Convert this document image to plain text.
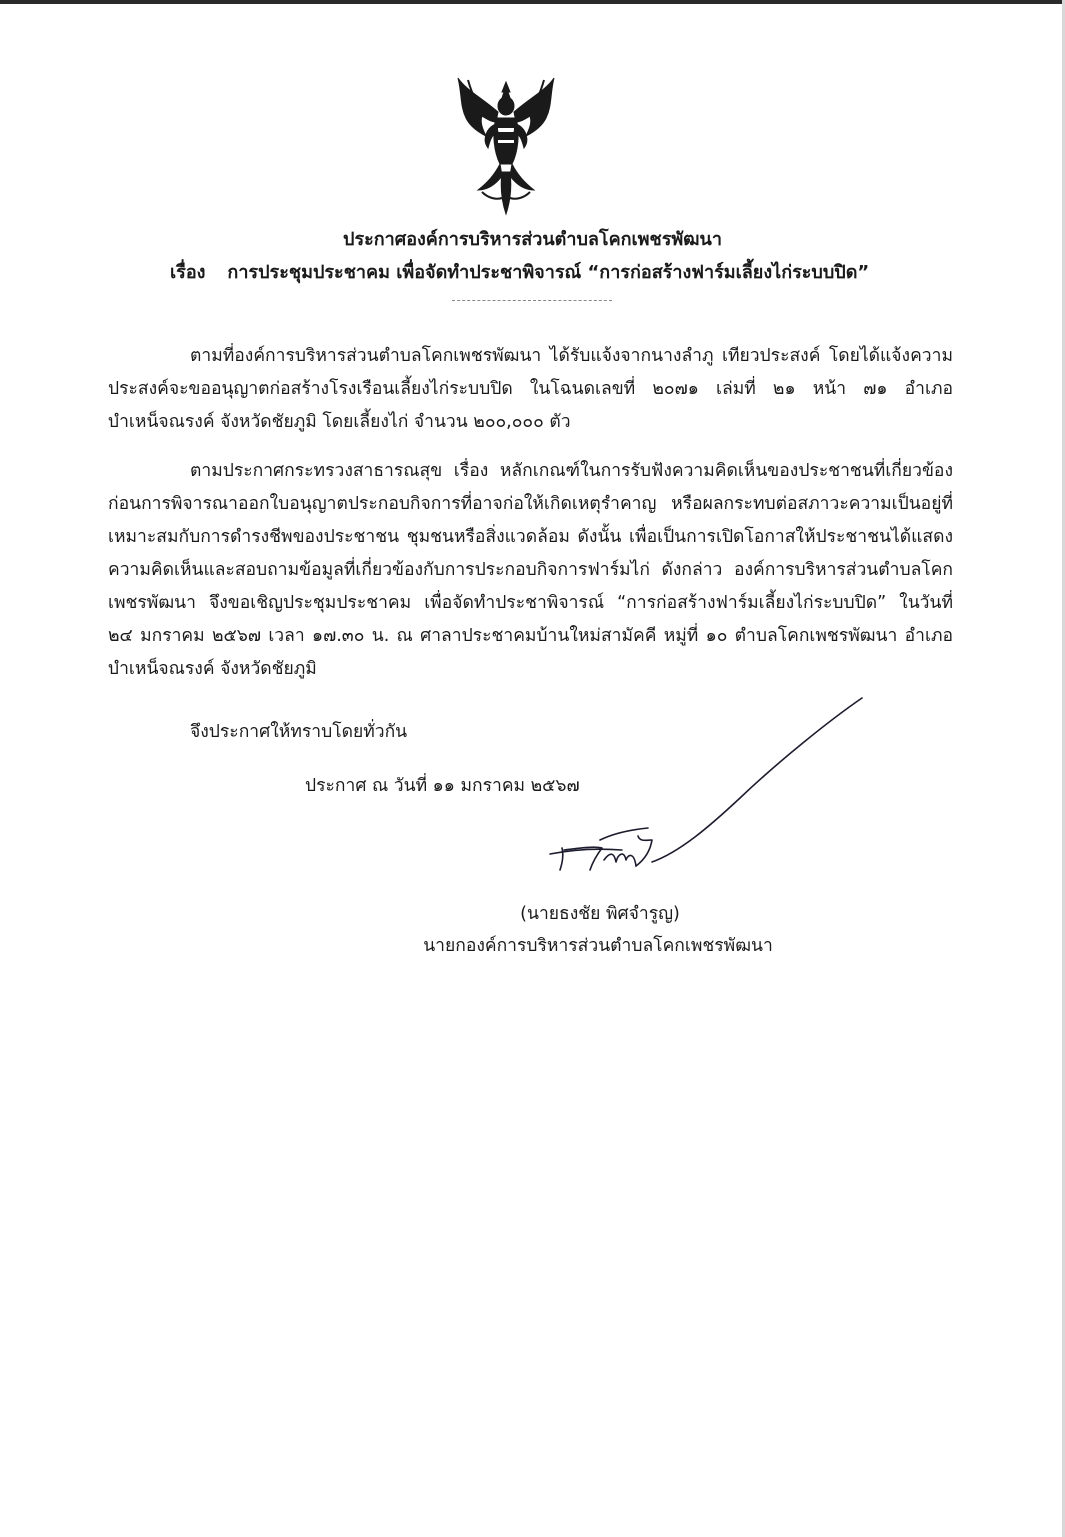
ประกาศองค์การบริหารส่วนตำบลโคกเพชรพัฒนา
เรื่อง การประชุมประชาคม เพื่อจัดทำประชาพิจารณ์ “การก่อสร้างฟาร์มเลี้ยงไก่ระบบปิด”

ตามที่องค์การบริหารส่วนตำบลโคกเพชรพัฒนา ได้รับแจ้งจากนางลำภู เทียวประสงค์ โดยได้แจ้งความประสงค์จะขออนุญาตก่อสร้างโรงเรือนเลี้ยงไก่ระบบปิด ในโฉนดเลขที่ ๒๐๗๑ เล่มที่ ๒๑ หน้า ๗๑ อำเภอบำเหน็จณรงค์ จังหวัดชัยภูมิ โดยเลี้ยงไก่ จำนวน ๒๐๐,๐๐๐ ตัว

ตามประกาศกระทรวงสาธารณสุข เรื่อง หลักเกณฑ์ในการรับฟังความคิดเห็นของประชาชนที่เกี่ยวข้องก่อนการพิจารณาออกใบอนุญาตประกอบกิจการที่อาจก่อให้เกิดเหตุรำคาญ หรือผลกระทบต่อสภาวะความเป็นอยู่ที่เหมาะสมกับการดำรงชีพของประชาชน ชุมชนหรือสิ่งแวดล้อม ดังนั้น เพื่อเป็นการเปิดโอกาสให้ประชาชนได้แสดงความคิดเห็นและสอบถามข้อมูลที่เกี่ยวข้องกับการประกอบกิจการฟาร์มไก่ ดังกล่าว องค์การบริหารส่วนตำบลโคกเพชรพัฒนา จึงขอเชิญประชุมประชาคม เพื่อจัดทำประชาพิจารณ์ “การก่อสร้างฟาร์มเลี้ยงไก่ระบบปิด” ในวันที่ ๒๔ มกราคม ๒๕๖๗ เวลา ๑๗.๓๐ น. ณ ศาลาประชาคมบ้านใหม่สามัคคี หมู่ที่ ๑๐ ตำบลโคกเพชรพัฒนา อำเภอบำเหน็จณรงค์ จังหวัดชัยภูมิ

จึงประกาศให้ทราบโดยทั่วกัน
ประกาศ ณ วันที่ ๑๑ มกราคม ๒๕๖๗
(นายธงชัย พิศจำรูญ)
นายกองค์การบริหารส่วนตำบลโคกเพชรพัฒนา
